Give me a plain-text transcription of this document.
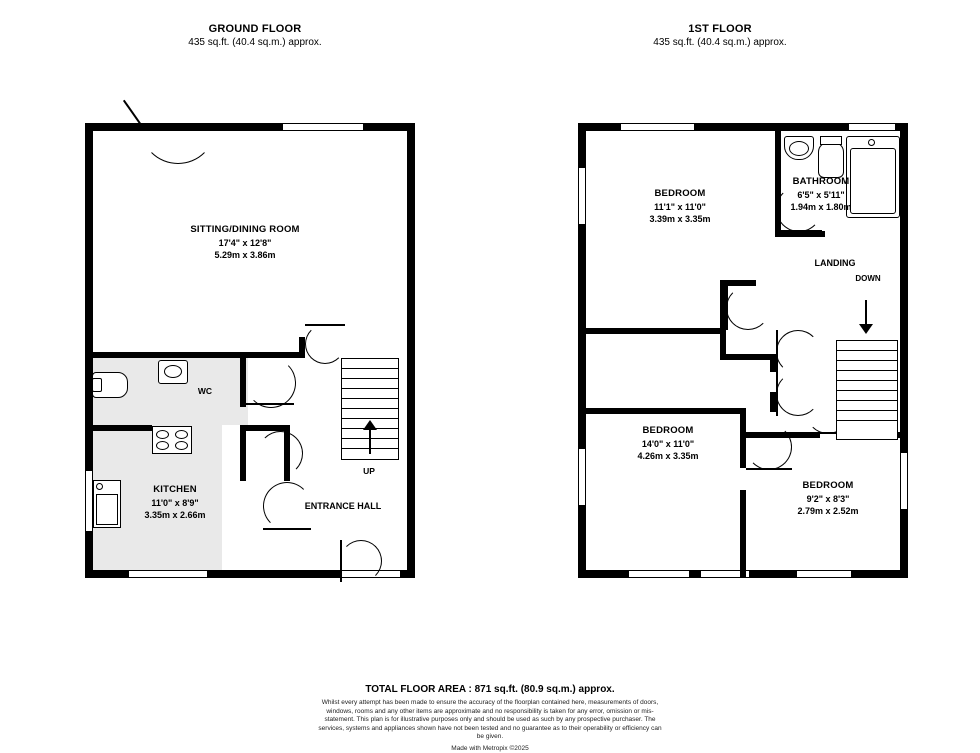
GROUND FLOOR
435 sq.ft. (40.4 sq.m.) approx.
1ST FLOOR
435 sq.ft. (40.4 sq.m.) approx.
UP
SITTING/DINING ROOM
17'4" x 12'8"
5.29m x 3.86m
WC
KITCHEN
11'0" x 8'9"
3.35m x 2.66m
ENTRANCE HALL
DOWN
BEDROOM
11'1" x 11'0"
3.39m x 3.35m
BATHROOM
6'5" x 5'11"
1.94m x 1.80m
LANDING
BEDROOM
14'0" x 11'0"
4.26m x 3.35m
BEDROOM
9'2" x 8'3"
2.79m x 2.52m
TOTAL FLOOR AREA : 871 sq.ft. (80.9 sq.m.) approx.
Whilst every attempt has been made to ensure the accuracy of the floorplan contained here, measurements of doors, windows, rooms and any other items are approximate and no responsibility is taken for any error, omission or mis-statement. This plan is for illustrative purposes only and should be used as such by any prospective purchaser. The services, systems and appliances shown have not been tested and no guarantee as to their operability or efficiency can be given.
Made with Metropix ©2025
